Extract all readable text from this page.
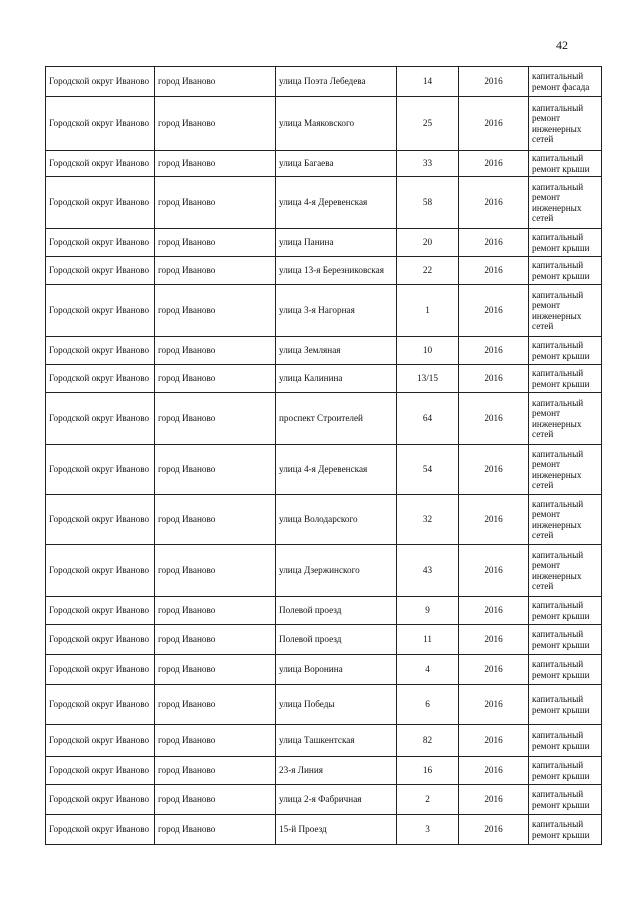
42
Городской округ Иваново	город Иваново	улица Поэта Лебедева	14	2016	капитальный ремонт фасада
Городской округ Иваново	город Иваново	улица Маяковского	25	2016	капитальный ремонт инженерных сетей
Городской округ Иваново	город Иваново	улица Багаева	33	2016	капитальный ремонт крыши
Городской округ Иваново	город Иваново	улица 4-я Деревенская	58	2016	капитальный ремонт инженерных сетей
Городской округ Иваново	город Иваново	улица Панина	20	2016	капитальный ремонт крыши
Городской округ Иваново	город Иваново	улица 13-я Березниковская	22	2016	капитальный ремонт крыши
Городской округ Иваново	город Иваново	улица 3-я Нагорная	1	2016	капитальный ремонт инженерных сетей
Городской округ Иваново	город Иваново	улица Земляная	10	2016	капитальный ремонт крыши
Городской округ Иваново	город Иваново	улица Калинина	13/15	2016	капитальный ремонт крыши
Городской округ Иваново	город Иваново	проспект Строителей	64	2016	капитальный ремонт инженерных сетей
Городской округ Иваново	город Иваново	улица 4-я Деревенская	54	2016	капитальный ремонт инженерных сетей
Городской округ Иваново	город Иваново	улица Володарского	32	2016	капитальный ремонт инженерных сетей
Городской округ Иваново	город Иваново	улица Дзержинского	43	2016	капитальный ремонт инженерных сетей
Городской округ Иваново	город Иваново	Полевой проезд	9	2016	капитальный ремонт крыши
Городской округ Иваново	город Иваново	Полевой проезд	11	2016	капитальный ремонт крыши
Городской округ Иваново	город Иваново	улица Воронина	4	2016	капитальный ремонт крыши
Городской округ Иваново	город Иваново	улица Победы	6	2016	капитальный ремонт крыши
Городской округ Иваново	город Иваново	улица Ташкентская	82	2016	капитальный ремонт крыши
Городской округ Иваново	город Иваново	23-я Линия	16	2016	капитальный ремонт крыши
Городской округ Иваново	город Иваново	улица 2-я Фабричная	2	2016	капитальный ремонт крыши
Городской округ Иваново	город Иваново	15-й Проезд	3	2016	капитальный ремонт крыши
